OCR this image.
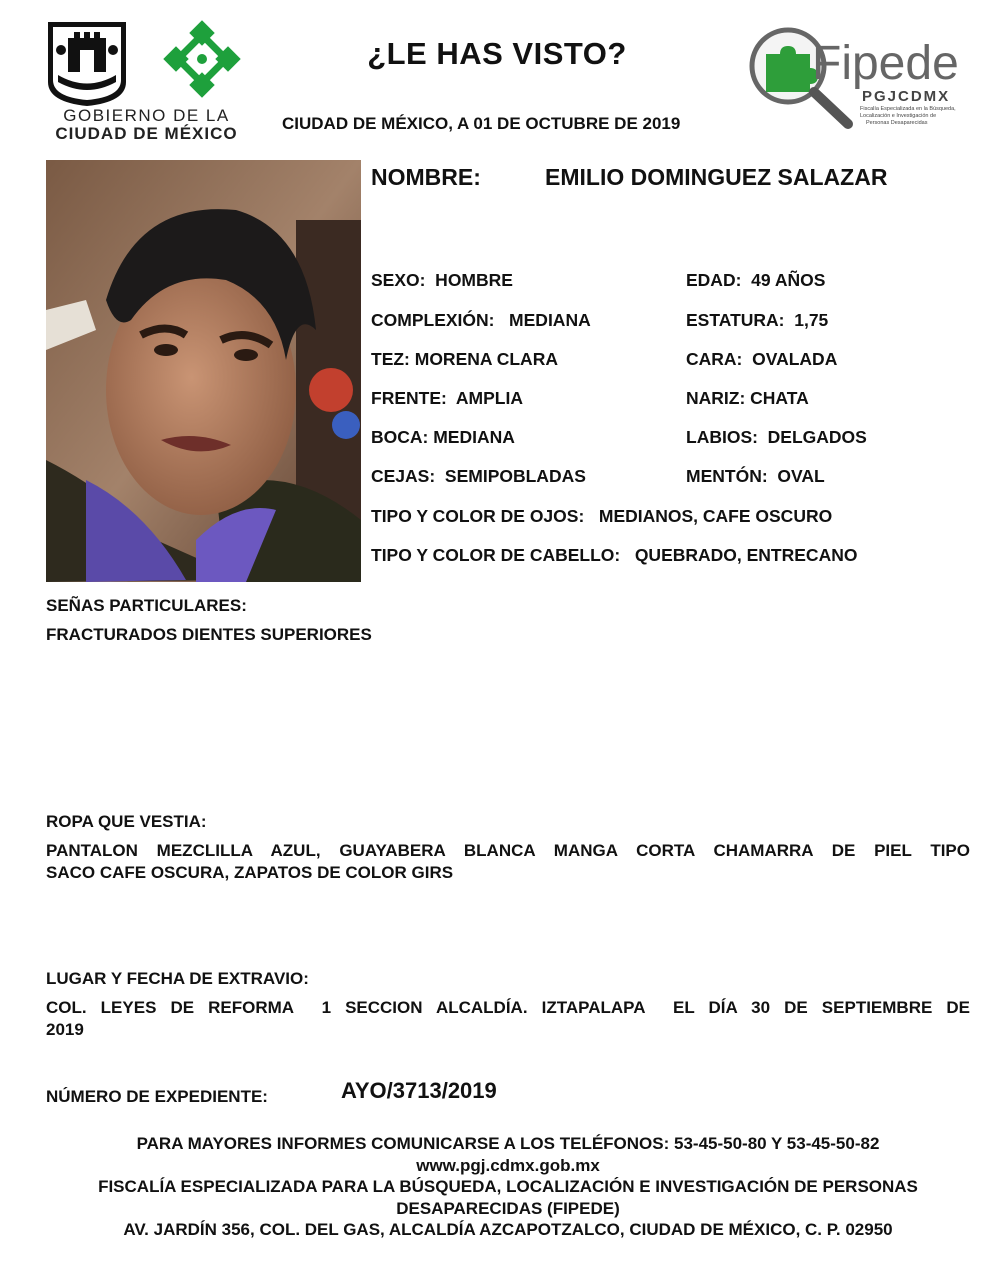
GOBIERNO DE LA
CIUDAD DE MÉXICO
¿LE HAS VISTO?
CIUDAD DE MÉXICO, A 01 DE OCTUBRE DE 2019
Fipede
PGJCDMX
Fiscalía Especializada en la Búsqueda,
Localización e Investigación de
Personas Desaparecidas
NOMBRE:	EMILIO DOMINGUEZ SALAZAR
SEXO:  HOMBRE	EDAD:  49 AÑOS
COMPLEXIÓN:   MEDIANA	ESTATURA:  1,75
TEZ: MORENA CLARA	CARA:  OVALADA
FRENTE:  AMPLIA	NARIZ: CHATA
BOCA: MEDIANA	LABIOS:  DELGADOS
CEJAS:  SEMIPOBLADAS	MENTÓN:  OVAL
TIPO Y COLOR DE OJOS:   MEDIANOS, CAFE OSCURO
TIPO Y COLOR DE CABELLO:   QUEBRADO, ENTRECANO
SEÑAS PARTICULARES:
FRACTURADOS DIENTES SUPERIORES
ROPA QUE VESTIA:
PANTALON MEZCLILLA AZUL, GUAYABERA BLANCA MANGA CORTA CHAMARRA DE PIEL TIPO
SACO CAFE OSCURA, ZAPATOS DE COLOR GIRS
LUGAR Y FECHA DE EXTRAVIO:
COL. LEYES DE REFORMA  1 SECCION ALCALDÍA. IZTAPALAPA  EL DÍA 30 DE SEPTIEMBRE DE
2019
NÚMERO DE EXPEDIENTE:	AYO/3713/2019
PARA MAYORES INFORMES COMUNICARSE A LOS TELÉFONOS: 53-45-50-80 Y 53-45-50-82
www.pgj.cdmx.gob.mx
FISCALÍA ESPECIALIZADA PARA LA BÚSQUEDA, LOCALIZACIÓN E INVESTIGACIÓN DE PERSONAS
DESAPARECIDAS (FIPEDE)
AV. JARDÍN 356, COL. DEL GAS, ALCALDÍA AZCAPOTZALCO, CIUDAD DE MÉXICO, C. P. 02950
